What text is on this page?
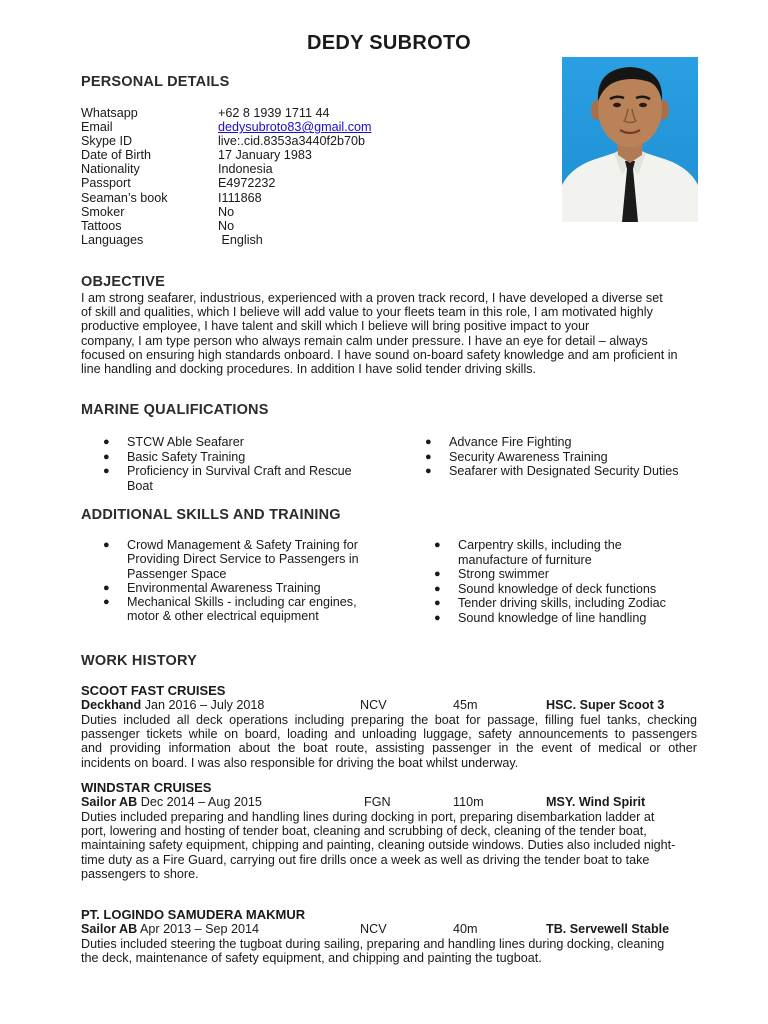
DEDY SUBROTO
PERSONAL DETAILS
Whatsapp	+62 8 1939 1711 44
Email	dedysubroto83@gmail.com
Skype ID	live:.cid.8353a3440f2b70b
Date of Birth	17 January 1983
Nationality	Indonesia
Passport	E4972232
Seaman’s book	I111868
Smoker	No
Tattoos	No
Languages	English
OBJECTIVE
I am strong seafarer, industrious, experienced with a proven track record, I have developed a diverse set
of skill and qualities, which I believe will add value to your fleets team in this role, I am motivated highly
productive employee, I have talent and skill which I believe will bring positive impact to your
company, I am type person who always remain calm under pressure. I have an eye for detail – always
focused on ensuring high standards onboard. I have sound on-board safety knowledge and am proficient in
line handling and docking procedures. In addition I have solid tender driving skills.
MARINE QUALIFICATIONS
● STCW Able Seafarer
● Basic Safety Training
● Proficiency in Survival Craft and Rescue Boat
● Advance Fire Fighting
● Security Awareness Training
● Seafarer with Designated Security Duties
ADDITIONAL SKILLS AND TRAINING
● Crowd Management & Safety Training for Providing Direct Service to Passengers in Passenger Space
● Environmental Awareness Training
● Mechanical Skills - including car engines, motor & other electrical equipment
● Carpentry skills, including the manufacture of furniture
● Strong swimmer
● Sound knowledge of deck functions
● Tender driving skills, including Zodiac
● Sound knowledge of line handling
WORK HISTORY
SCOOT FAST CRUISES
Deckhand Jan 2016 – July 2018	NCV	45m	HSC. Super Scoot 3
Duties included all deck operations including preparing the boat for passage, filling fuel tanks, checking
passenger tickets while on board, loading and unloading luggage, safety announcements to passengers
and providing information about the boat route, assisting passenger in the event of medical or other
incidents on board. I was also responsible for driving the boat whilst underway.
WINDSTAR CRUISES
Sailor AB Dec 2014 – Aug 2015	FGN	110m	MSY. Wind Spirit
Duties included preparing and handling lines during docking in port, preparing disembarkation ladder at
port, lowering and hosting of tender boat, cleaning and scrubbing of deck, cleaning of the tender boat,
maintaining safety equipment, chipping and painting, cleaning outside windows. Duties also included night-
time duty as a Fire Guard, carrying out fire drills once a week as well as driving the tender boat to take
passengers to shore.
PT. LOGINDO SAMUDERA MAKMUR
Sailor AB Apr 2013 – Sep 2014	NCV	40m	TB. Servewell Stable
Duties included steering the tugboat during sailing, preparing and handling lines during docking, cleaning
the deck, maintenance of safety equipment, and chipping and painting the tugboat.
